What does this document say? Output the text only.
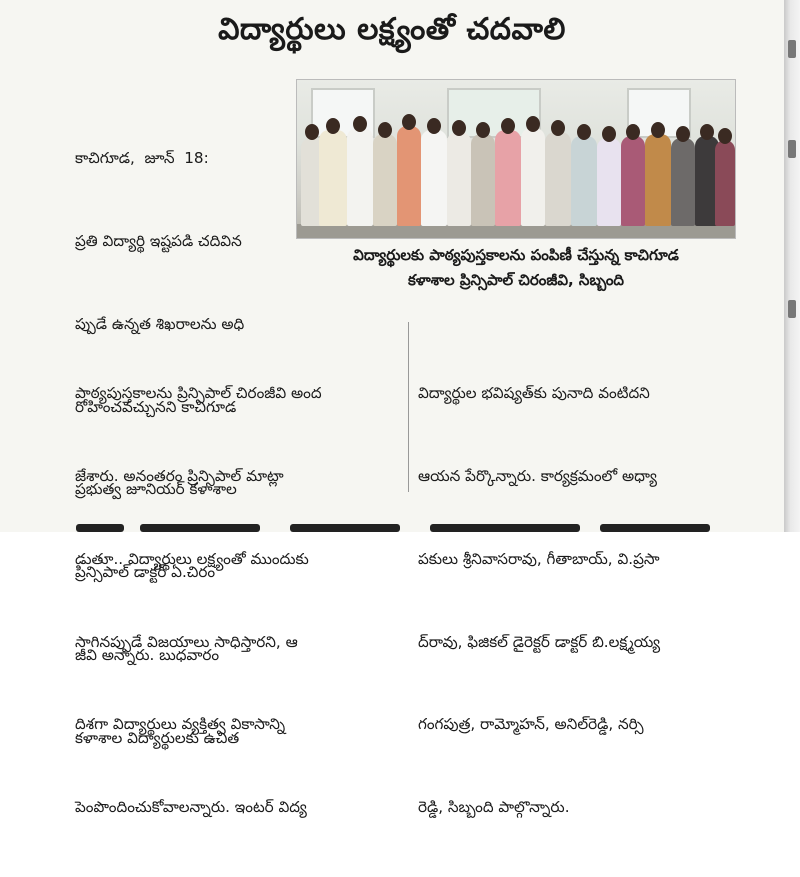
విద్యార్థులు లక్ష్యంతో చదవాలి

కాచిగూడ,  జూన్  18:

ప్రతి విద్యార్థి ఇష్టపడి చదివిన

ప్పుడే ఉన్నత శిఖరాలను అధి

రోహించవచ్చునని కాచిగూడ

ప్రభుత్వ జూనియర్ కళాశాల

ప్రిన్సిపాల్ డాక్టర్ ఏ.చిరం

జీవి అన్నారు. బుధవారం

కళాశాల విద్యార్థులకు ఉచిత

విద్యార్థులకు పాఠ్యపుస్తకాలను పంపిణీ చేస్తున్న కాచిగూడ
కళాశాల ప్రిన్సిపాల్ చిరంజీవి, సిబ్బంది

పాఠ్యపుస్తకాలను ప్రిన్సిపాల్ చిరంజీవి అంద

జేశారు. అనంతరం ప్రిన్సిపాల్ మాట్లా

డుతూ.. విద్యార్థులు లక్ష్యంతో ముందుకు

సాగినప్పుడే విజయాలు సాధిస్తారని, ఆ

దిశగా విద్యార్థులు వ్యక్తిత్వ వికాసాన్ని

పెంపొందించుకోవాలన్నారు. ఇంటర్ విద్య

విద్యార్థుల భవిష్యత్‌కు పునాది వంటిదని

ఆయన పేర్కొన్నారు. కార్యక్రమంలో అధ్యా

పకులు శ్రీనివాసరావు, గీతాబాయ్, వి.ప్రసా

ద్‌రావు, ఫిజికల్ డైరెక్టర్ డాక్టర్ బి.లక్ష్మయ్య

గంగపుత్ర, రామ్మోహన్, అనిల్‌రెడ్డి, నర్సి

రెడ్డి, సిబ్బంది పాల్గొన్నారు.
